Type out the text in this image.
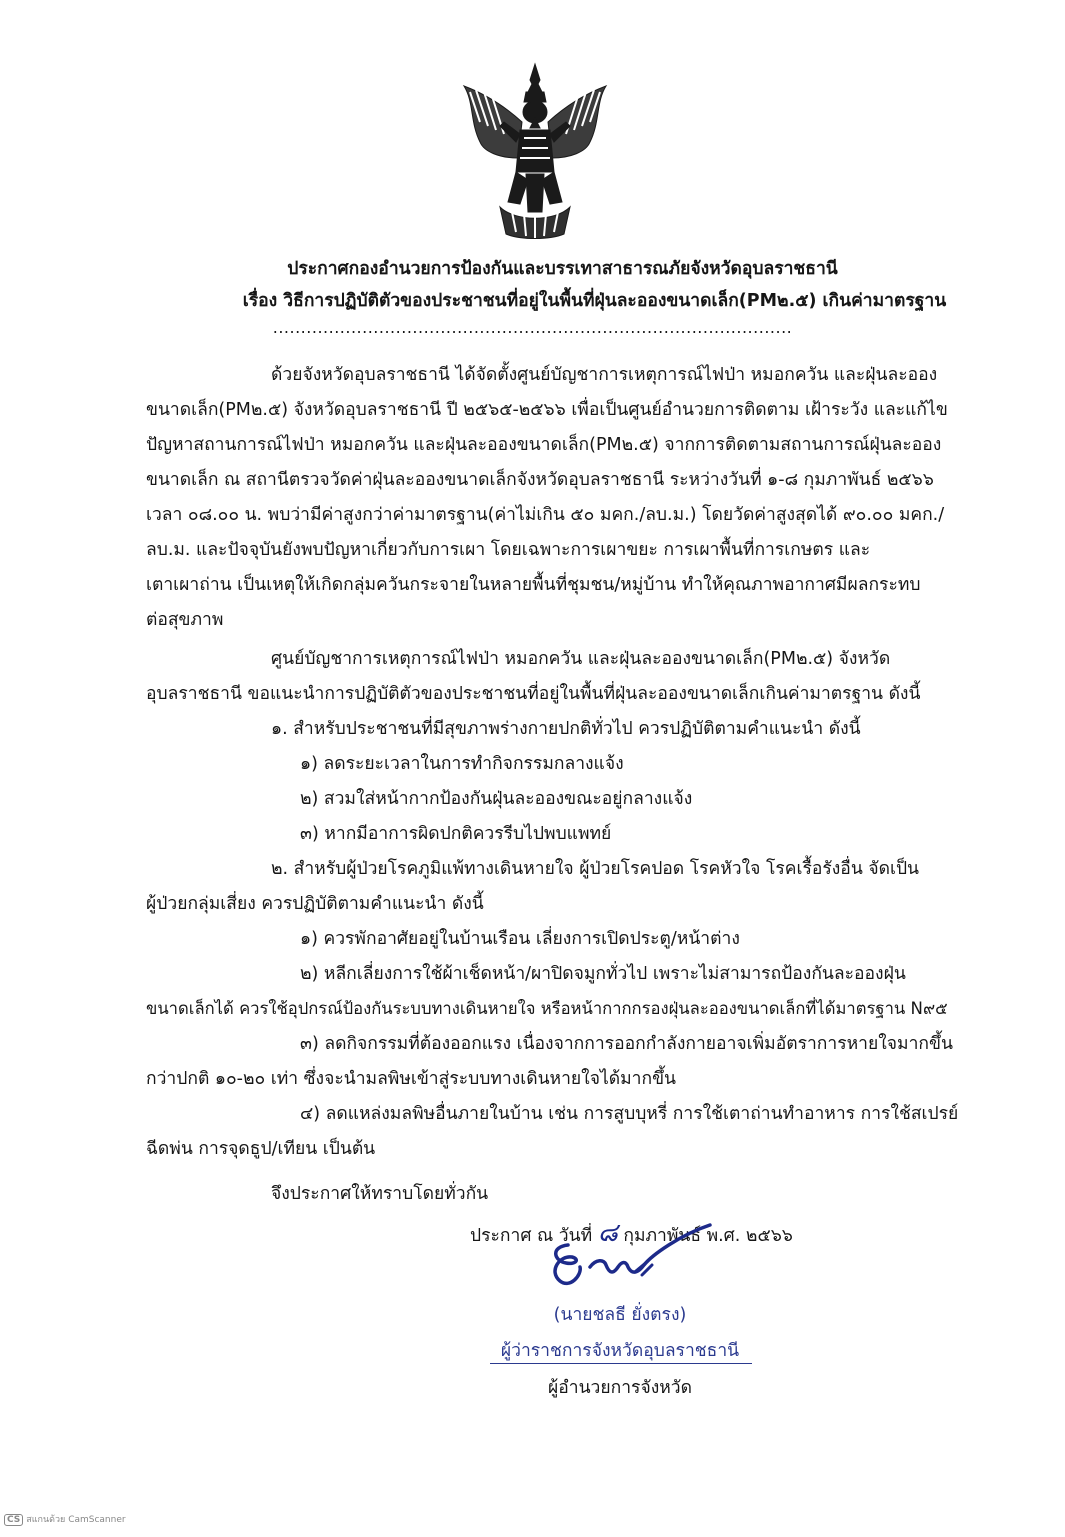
ประกาศกองอำนวยการป้องกันและบรรเทาสาธารณภัยจังหวัดอุบลราชธานี
เรื่อง วิธีการปฏิบัติตัวของประชาชนที่อยู่ในพื้นที่ฝุ่นละอองขนาดเล็ก(PM๒.๕) เกินค่ามาตรฐาน
.............................................................................................
ด้วยจังหวัดอุบลราชธานี ได้จัดตั้งศูนย์บัญชาการเหตุการณ์ไฟป่า หมอกควัน และฝุ่นละออง
ขนาดเล็ก(PM๒.๕) จังหวัดอุบลราชธานี ปี ๒๕๖๕-๒๕๖๖ เพื่อเป็นศูนย์อำนวยการติดตาม เฝ้าระวัง และแก้ไข
ปัญหาสถานการณ์ไฟป่า หมอกควัน และฝุ่นละอองขนาดเล็ก(PM๒.๕) จากการติดตามสถานการณ์ฝุ่นละออง
ขนาดเล็ก ณ สถานีตรวจวัดค่าฝุ่นละอองขนาดเล็กจังหวัดอุบลราชธานี ระหว่างวันที่ ๑-๘ กุมภาพันธ์ ๒๕๖๖
เวลา ๐๘.๐๐ น. พบว่ามีค่าสูงกว่าค่ามาตรฐาน(ค่าไม่เกิน ๕๐ มคก./ลบ.ม.) โดยวัดค่าสูงสุดได้ ๙๐.๐๐ มคก./
ลบ.ม. และปัจจุบันยังพบปัญหาเกี่ยวกับการเผา โดยเฉพาะการเผาขยะ การเผาพื้นที่การเกษตร และ
เตาเผาถ่าน เป็นเหตุให้เกิดกลุ่มควันกระจายในหลายพื้นที่ชุมชน/หมู่บ้าน ทำให้คุณภาพอากาศมีผลกระทบ
ต่อสุขภาพ
ศูนย์บัญชาการเหตุการณ์ไฟป่า หมอกควัน และฝุ่นละอองขนาดเล็ก(PM๒.๕) จังหวัด
อุบลราชธานี ขอแนะนำการปฏิบัติตัวของประชาชนที่อยู่ในพื้นที่ฝุ่นละอองขนาดเล็กเกินค่ามาตรฐาน ดังนี้
๑. สำหรับประชาชนที่มีสุขภาพร่างกายปกติทั่วไป ควรปฏิบัติตามคำแนะนำ ดังนี้
๑) ลดระยะเวลาในการทำกิจกรรมกลางแจ้ง
๒) สวมใส่หน้ากากป้องกันฝุ่นละอองขณะอยู่กลางแจ้ง
๓) หากมีอาการผิดปกติควรรีบไปพบแพทย์
๒. สำหรับผู้ป่วยโรคภูมิแพ้ทางเดินหายใจ ผู้ป่วยโรคปอด โรคหัวใจ โรคเรื้อรังอื่น จัดเป็น
ผู้ป่วยกลุ่มเสี่ยง ควรปฏิบัติตามคำแนะนำ ดังนี้
๑) ควรพักอาศัยอยู่ในบ้านเรือน เลี่ยงการเปิดประตู/หน้าต่าง
๒) หลีกเลี่ยงการใช้ผ้าเช็ดหน้า/ผาปิดจมูกทั่วไป เพราะไม่สามารถป้องกันละอองฝุ่น
ขนาดเล็กได้ ควรใช้อุปกรณ์ป้องกันระบบทางเดินหายใจ หรือหน้ากากกรองฝุ่นละอองขนาดเล็กที่ได้มาตรฐาน N๙๕
๓) ลดกิจกรรมที่ต้องออกแรง เนื่องจากการออกกำลังกายอาจเพิ่มอัตราการหายใจมากขึ้น
กว่าปกติ ๑๐-๒๐ เท่า ซึ่งจะนำมลพิษเข้าสู่ระบบทางเดินหายใจได้มากขึ้น
๔) ลดแหล่งมลพิษอื่นภายในบ้าน เช่น การสูบบุหรี่ การใช้เตาถ่านทำอาหาร การใช้สเปรย์
ฉีดพ่น การจุดธูป/เทียน เป็นต้น
จึงประกาศให้ทราบโดยทั่วกัน
ประกาศ ณ วันที่ ๘ กุมภาพันธ์ พ.ศ. ๒๕๖๖
(นายชลธี ยั่งตรง)
ผู้ว่าราชการจังหวัดอุบลราชธานี
ผู้อำนวยการจังหวัด
CS สแกนด้วย CamScanner
